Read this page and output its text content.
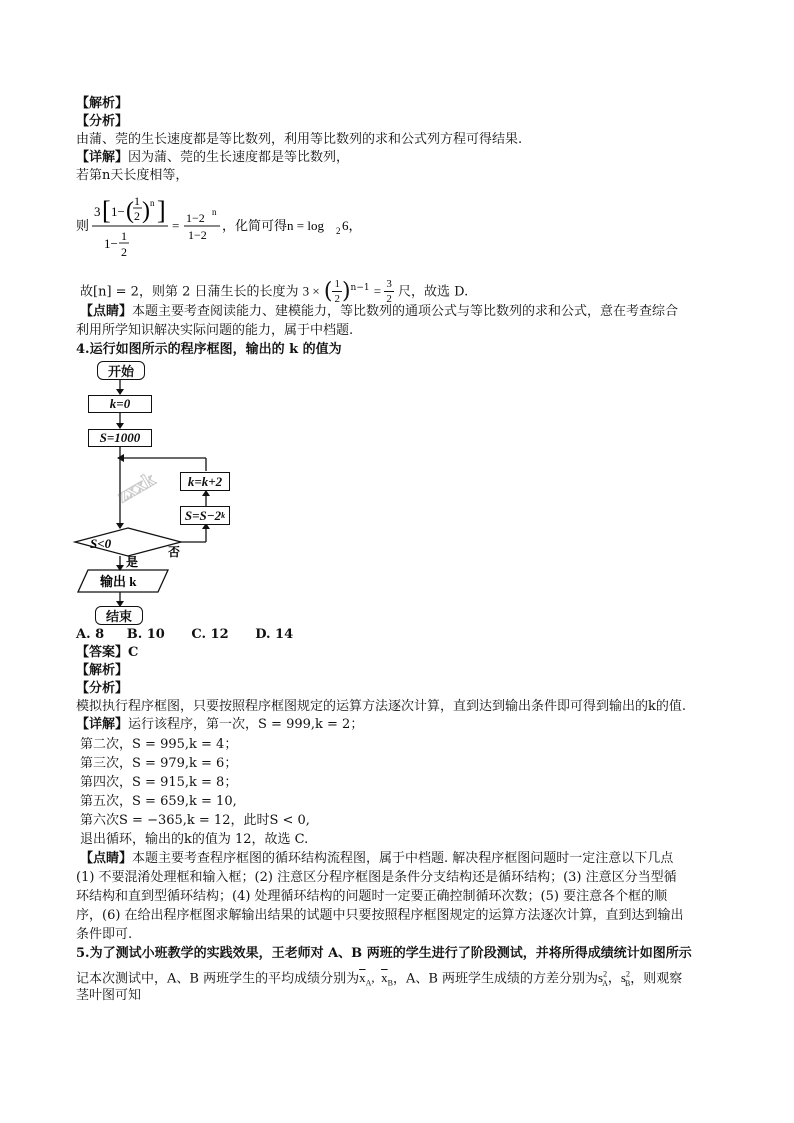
【解析】
【分析】
由蒲、莞的生长速度都是等比数列，利用等比数列的求和公式列方程可得结果.
【详解】因为蒲、莞的生长速度都是等比数列，
若第n天长度相等，
则
3 [ 1− ( 1
2 ) n ]
1− 1
2
= 1−2 n
1−2
，化简可得n = log 2 6，
故[n] = 2，则第 2 日蒲生长的长度为 3 × ( $\frac{1}{2} )^{n-1} = \frac{3}{2}$ 尺，故选 D.
【点睛】本题主要考查阅读能力、建模能力，等比数列的通项公式与等比数列的求和公式，意在考查综合
利用所学知识解决实际问题的能力，属于中档题.
4.运行如图所示的程序框图，输出的 k 的值为
zxxk
S<0
否
是
输出 k
开始
k=0
S=1000
k=k+2
S=S−2 k
结束
A. 8 B. 10 C. 12 D. 14
【答案】C
【解析】
【分析】
模拟执行程序框图，只要按照程序框图规定的运算方法逐次计算，直到达到输出条件即可得到输出的k的值.
【详解】运行该程序，第一次，S = 999,k = 2；
第二次，S = 995,k = 4；
第三次，S = 979,k = 6；
第四次，S = 915,k = 8；
第五次，S = 659,k = 10,
第六次S = −365,k = 12，此时S < 0,
退出循环，输出的k的值为 12，故选 C.
【点睛】本题主要考查程序框图的循环结构流程图，属于中档题. 解决程序框图问题时一定注意以下几点
(1) 不要混淆处理框和输入框；(2) 注意区分程序框图是条件分支结构还是循环结构；(3) 注意区分当型循
环结构和直到型循环结构；(4) 处理循环结构的问题时一定要正确控制循环次数；(5) 要注意各个框的顺
序，(6) 在给出程序框图求解输出结果的试题中只要按照程序框图规定的运算方法逐次计算，直到达到输出
条件即可.
5.为了测试小班教学的实践效果，王老师对 A、B 两班的学生进行了阶段测试，并将所得成绩统计如图所示
记本次测试中，A、B 两班学生的平均成绩分别为$\overline{x}_A$,  $\overline{x}_B$，A、B 两班学生成绩的方差分别为$s^2_A$，$s^2_B$，则观察
茎叶图可知
